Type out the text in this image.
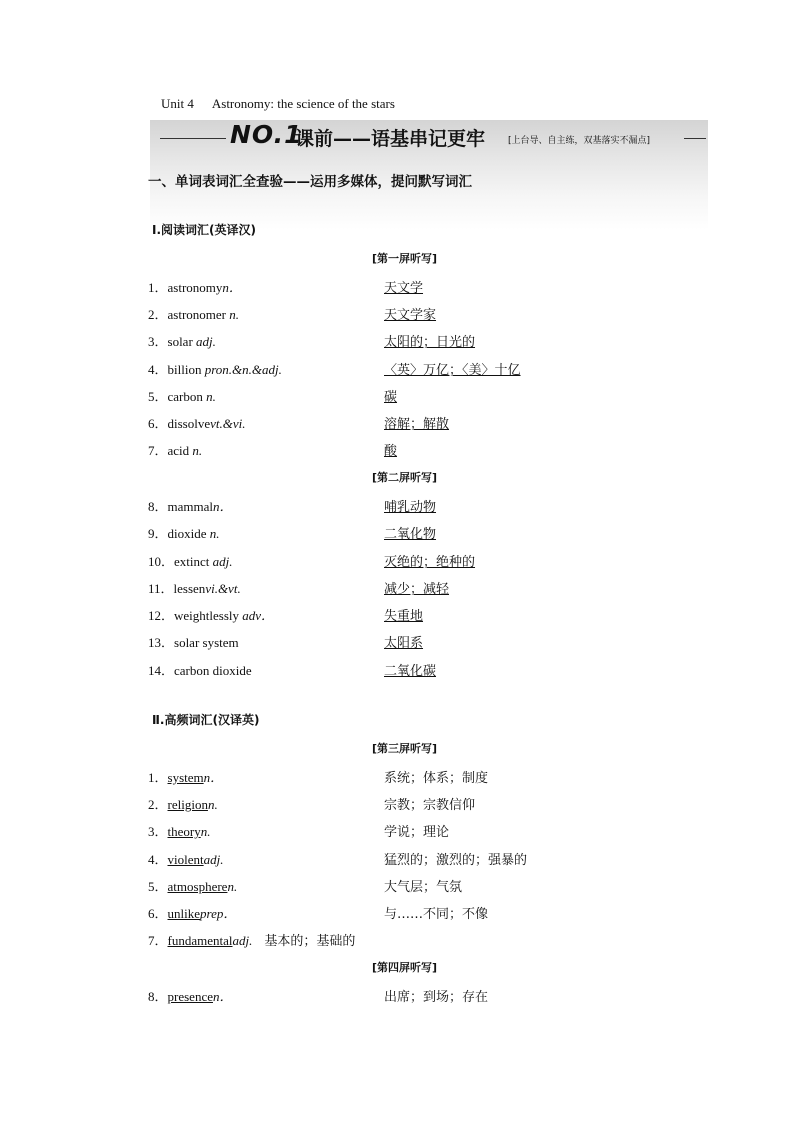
Unit 4 Astronomy: the science of the stars
NO.1
课前——语基串记更牢	[上台导、自主练，双基落实不漏点]
一、单词表词汇全查验——运用多媒体，提问默写词汇
Ⅰ.阅读词汇(英译汉)
[第一屏听写]
1．astronomyn．	天文学
2．astronomer n.	天文学家
3．solar adj.	太阳的；日光的
4．billion pron.&n.&adj.	〈英〉万亿；〈美〉十亿
5．carbon n.	碳
6．dissolvevt.&vi.	溶解；解散
7．acid n.	酸
[第二屏听写]
8．mammaln．	哺乳动物
9．dioxide n.	二氧化物
10．extinct adj.	灭绝的；绝种的
11．lessenvi.&vt.	减少；减轻
12．weightlessly adv．	失重地
13．solar system	太阳系
14．carbon dioxide	二氧化碳
Ⅱ.高频词汇(汉译英)
[第三屏听写]
1．systemn．	系统；体系；制度
2．religionn.	宗教；宗教信仰
3．theoryn.	学说；理论
4．violentadj.	猛烈的；激烈的；强暴的
5．atmospheren.	大气层；气氛
6．unlikeprep．	与……不同；不像
7．fundamentaladj. 基本的；基础的
[第四屏听写]
8．presencen．	出席；到场；存在
